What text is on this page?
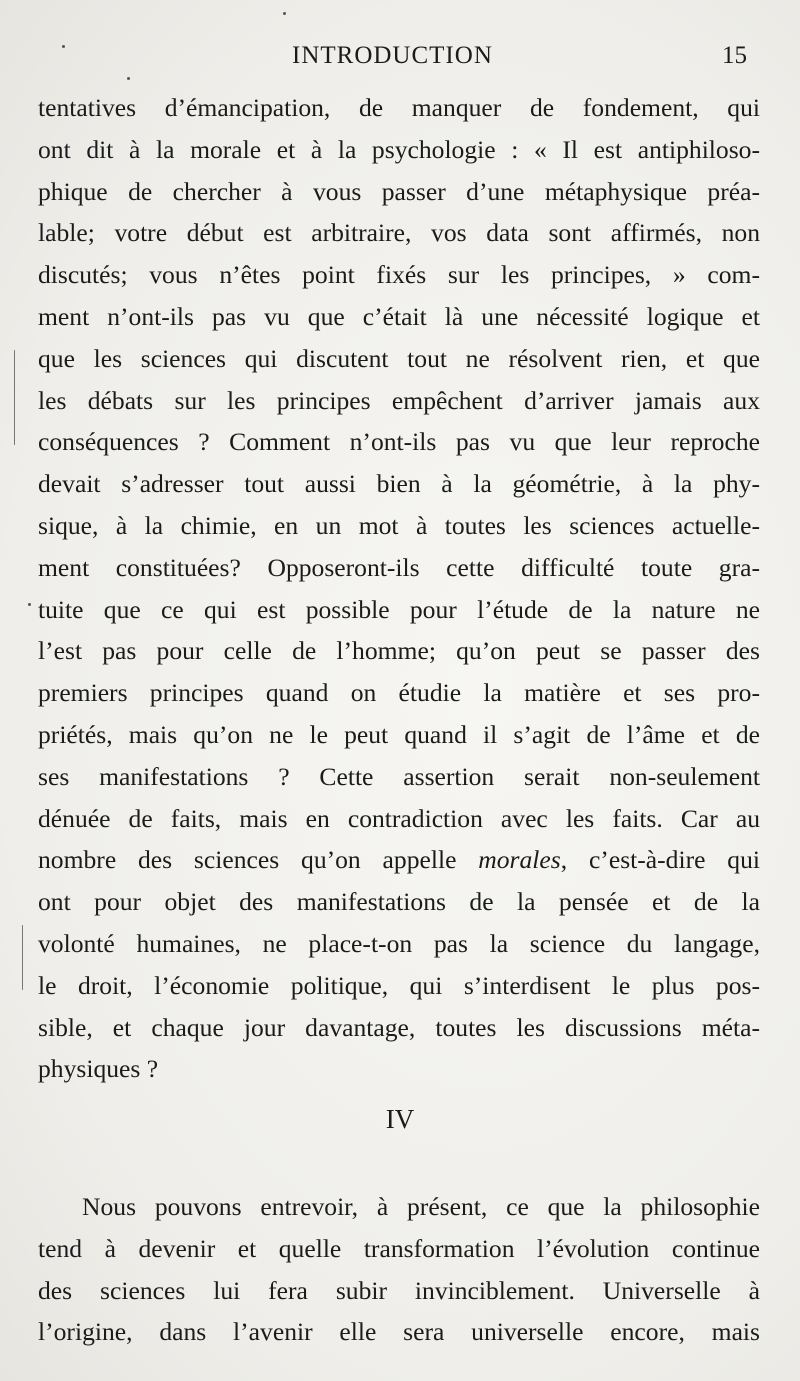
INTRODUCTION	15
tentatives d’émancipation, de manquer de fondement, qui
ont dit à la morale et à la psychologie : « Il est antiphiloso-
phique de chercher à vous passer d’une métaphysique préa-
lable; votre début est arbitraire, vos data sont affirmés, non
discutés; vous n’êtes point fixés sur les principes, » com-
ment n’ont-ils pas vu que c’était là une nécessité logique et
que les sciences qui discutent tout ne résolvent rien, et que
les débats sur les principes empêchent d’arriver jamais aux
conséquences ? Comment n’ont-ils pas vu que leur reproche
devait s’adresser tout aussi bien à la géométrie, à la phy-
sique, à la chimie, en un mot à toutes les sciences actuelle-
ment constituées? Opposeront-ils cette difficulté toute gra-
tuite que ce qui est possible pour l’étude de la nature ne
l’est pas pour celle de l’homme; qu’on peut se passer des
premiers principes quand on étudie la matière et ses pro-
priétés, mais qu’on ne le peut quand il s’agit de l’âme et de
ses manifestations ? Cette assertion serait non-seulement
dénuée de faits, mais en contradiction avec les faits. Car au
nombre des sciences qu’on appelle morales, c’est-à-dire qui
ont pour objet des manifestations de la pensée et de la
volonté humaines, ne place-t-on pas la science du langage,
le droit, l’économie politique, qui s’interdisent le plus pos-
sible, et chaque jour davantage, toutes les discussions méta-
physiques ?
IV
Nous pouvons entrevoir, à présent, ce que la philosophie
tend à devenir et quelle transformation l’évolution continue
des sciences lui fera subir invinciblement. Universelle à
l’origine, dans l’avenir elle sera universelle encore, mais
